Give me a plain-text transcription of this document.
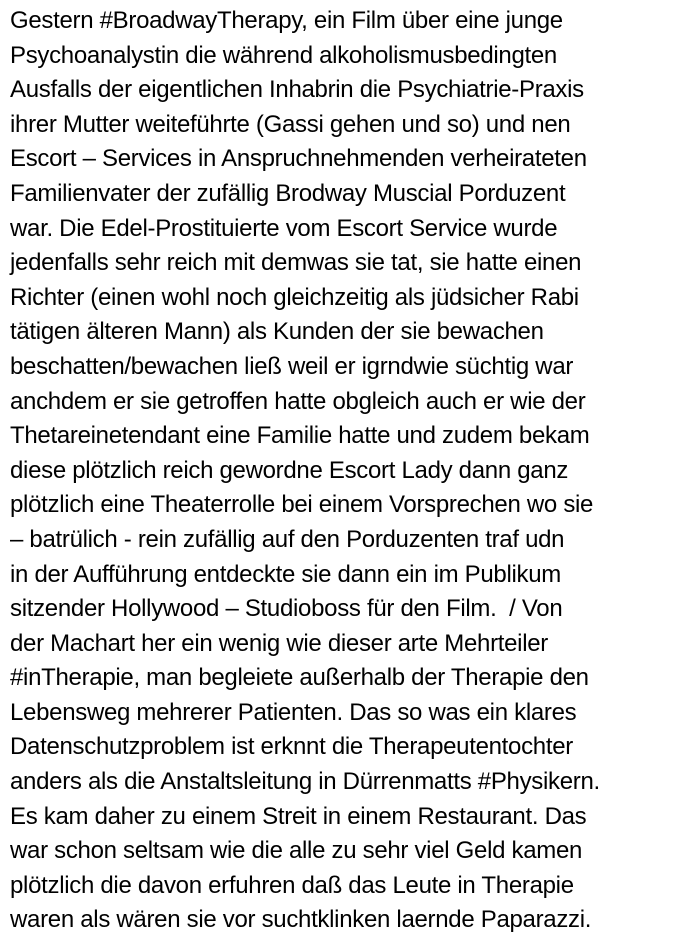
Gestern #BroadwayTherapy, ein Film über eine junge
Psychoanalystin die während alkoholismusbedingten
Ausfalls der eigentlichen Inhabrin die Psychiatrie-Praxis
ihrer Mutter weiteführte (Gassi gehen und so) und nen
Escort – Services in Anspruchnehmenden verheirateten
Familienvater der zufällig Brodway Muscial Porduzent
war. Die Edel-Prostituierte vom Escort Service wurde
jedenfalls sehr reich mit demwas sie tat, sie hatte einen
Richter (einen wohl noch gleichzeitig als jüdsicher Rabi
tätigen älteren Mann) als Kunden der sie bewachen
beschatten/bewachen ließ weil er igrndwie süchtig war
anchdem er sie getroffen hatte obgleich auch er wie der
Thetareinetendant eine Familie hatte und zudem bekam
diese plötzlich reich gewordne Escort Lady dann ganz
plötzlich eine Theaterrolle bei einem Vorsprechen wo sie
– batrülich - rein zufällig auf den Porduzenten traf udn
in der Aufführung entdeckte sie dann ein im Publikum
sitzender Hollywood – Studioboss für den Film.  / Von
der Machart her ein wenig wie dieser arte Mehrteiler
#inTherapie, man begleiete außerhalb der Therapie den
Lebensweg mehrerer Patienten. Das so was ein klares
Datenschutzproblem ist erknnt die Therapeutentochter
anders als die Anstaltsleitung in Dürrenmatts #Physikern.
Es kam daher zu einem Streit in einem Restaurant. Das
war schon seltsam wie die alle zu sehr viel Geld kamen
plötzlich die davon erfuhren daß das Leute in Therapie
waren als wären sie vor suchtklinken laernde Paparazzi.
